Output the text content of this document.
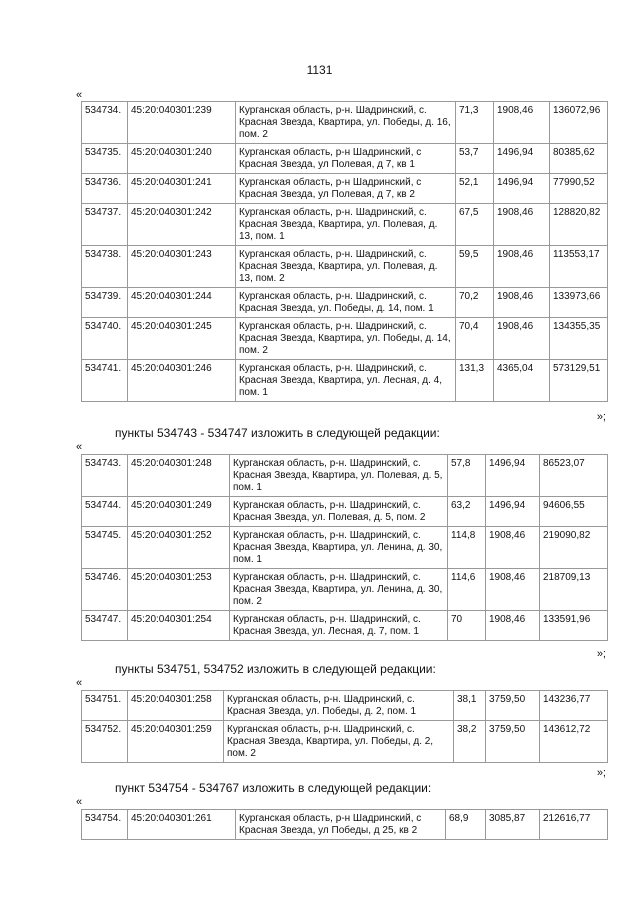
1131
«
534734.	45:20:040301:239	Курганская область, р-н. Шадринский, с. Красная Звезда, Квартира, ул. Победы, д. 16, пом. 2	71,3	1908,46	136072,96
534735.	45:20:040301:240	Курганская область, р-н Шадринский, с Красная Звезда, ул Полевая, д 7, кв 1	53,7	1496,94	80385,62
534736.	45:20:040301:241	Курганская область, р-н Шадринский, с Красная Звезда, ул Полевая, д 7, кв 2	52,1	1496,94	77990,52
534737.	45:20:040301:242	Курганская область, р-н. Шадринский, с. Красная Звезда, Квартира, ул. Полевая, д. 13, пом. 1	67,5	1908,46	128820,82
534738.	45:20:040301:243	Курганская область, р-н. Шадринский, с. Красная Звезда, Квартира, ул. Полевая, д. 13, пом. 2	59,5	1908,46	113553,17
534739.	45:20:040301:244	Курганская область, р-н. Шадринский, с. Красная Звезда, ул. Победы, д. 14, пом. 1	70,2	1908,46	133973,66
534740.	45:20:040301:245	Курганская область, р-н. Шадринский, с. Красная Звезда, Квартира, ул. Победы, д. 14, пом. 2	70,4	1908,46	134355,35
534741.	45:20:040301:246	Курганская область, р-н. Шадринский, с. Красная Звезда, Квартира, ул. Лесная, д. 4, пом. 1	131,3	4365,04	573129,51
»;
пункты 534743 - 534747 изложить в следующей редакции:
«
534743.	45:20:040301:248	Курганская область, р-н. Шадринский, с. Красная Звезда, Квартира, ул. Полевая, д. 5, пом. 1	57,8	1496,94	86523,07
534744.	45:20:040301:249	Курганская область, р-н. Шадринский, с. Красная Звезда, ул. Полевая, д. 5, пом. 2	63,2	1496,94	94606,55
534745.	45:20:040301:252	Курганская область, р-н. Шадринский, с. Красная Звезда, Квартира, ул. Ленина, д. 30, пом. 1	114,8	1908,46	219090,82
534746.	45:20:040301:253	Курганская область, р-н. Шадринский, с. Красная Звезда, Квартира, ул. Ленина, д. 30, пом. 2	114,6	1908,46	218709,13
534747.	45:20:040301:254	Курганская область, р-н. Шадринский, с. Красная Звезда, ул. Лесная, д. 7, пом. 1	70	1908,46	133591,96
»;
пункты 534751, 534752 изложить в следующей редакции:
«
534751.	45:20:040301:258	Курганская область, р-н. Шадринский, с. Красная Звезда, ул. Победы, д. 2, пом. 1	38,1	3759,50	143236,77
534752.	45:20:040301:259	Курганская область, р-н. Шадринский, с. Красная Звезда, Квартира, ул. Победы, д. 2, пом. 2	38,2	3759,50	143612,72
»;
пункт 534754 - 534767 изложить в следующей редакции:
«
534754.	45:20:040301:261	Курганская область, р-н Шадринский, с Красная Звезда, ул Победы, д 25, кв 2	68,9	3085,87	212616,77
